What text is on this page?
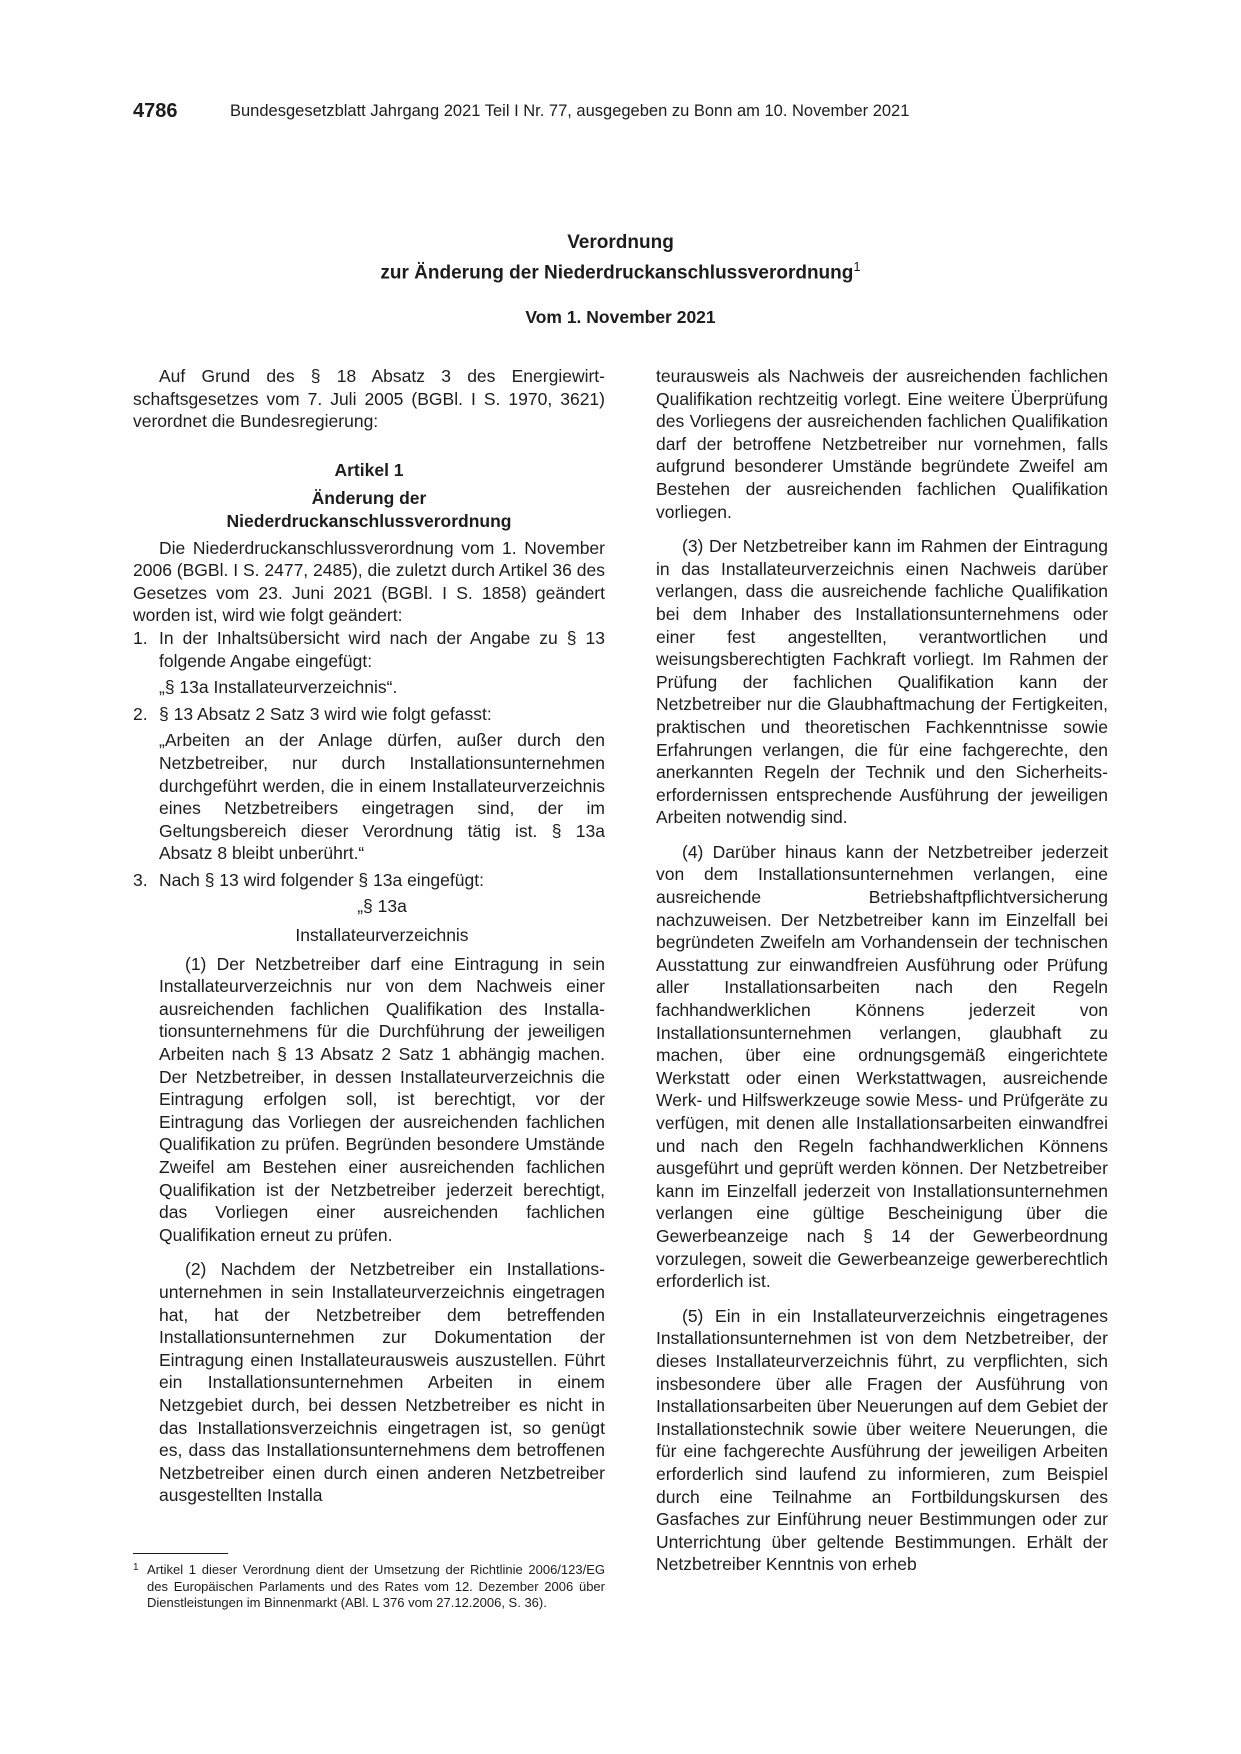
4786	Bundesgesetzblatt Jahrgang 2021 Teil I Nr. 77, ausgegeben zu Bonn am 10. November 2021

Verordnung

zur Änderung der Niederdruckanschlussverordnung$^1$

Vom 1. November 2021

Auf Grund des § 18 Absatz 3 des Energiewirtschaftsgesetzes vom 7. Juli 2005 (BGBl. I S. 1970, 3621) verordnet die Bundesregierung:

Artikel 1

Änderung der

Niederdruckanschlussverordnung

Die Niederdruckanschlussverordnung vom 1. November 2006 (BGBl. I S. 2477, 2485), die zuletzt durch Artikel 36 des Gesetzes vom 23. Juni 2021 (BGBl. I S. 1858) geändert worden ist, wird wie folgt geändert:

1. In der Inhaltsübersicht wird nach der Angabe zu § 13 folgende Angabe eingefügt:

„§ 13a Installateurverzeichnis“.

2. § 13 Absatz 2 Satz 3 wird wie folgt gefasst:

„Arbeiten an der Anlage dürfen, außer durch den Netzbetreiber, nur durch Installationsunternehmen durchgeführt werden, die in einem Installateurverzeichnis eines Netzbetreibers eingetragen sind, der im Geltungsbereich dieser Verordnung tätig ist. § 13a Absatz 8 bleibt unberührt.“

3. Nach § 13 wird folgender § 13a eingefügt:

„§ 13a

Installateurverzeichnis

(1) Der Netzbetreiber darf eine Eintragung in sein Installateurverzeichnis nur von dem Nachweis einer ausreichenden fachlichen Qualifikation des Installationsunternehmens für die Durchführung der jeweiligen Arbeiten nach § 13 Absatz 2 Satz 1 abhängig machen. Der Netzbetreiber, in dessen Installateurverzeichnis die Eintragung erfolgen soll, ist berechtigt, vor der Eintragung das Vorliegen der ausreichenden fachlichen Qualifikation zu prüfen. Begründen besondere Umstände Zweifel am Bestehen einer ausreichenden fachlichen Qualifikation ist der Netzbetreiber jederzeit berechtigt, das Vorliegen einer ausreichenden fachlichen Qualifikation erneut zu prüfen.

(2) Nachdem der Netzbetreiber ein Installationsunternehmen in sein Installateurverzeichnis eingetragen hat, hat der Netzbetreiber dem betreffenden Installationsunternehmen zur Dokumentation der Eintragung einen Installateurausweis auszustellen. Führt ein Installationsunternehmen Arbeiten in einem Netzgebiet durch, bei dessen Netzbetreiber es nicht in das Installationsverzeichnis eingetragen ist, so genügt es, dass das Installationsunternehmens dem betroffenen Netzbetreiber einen durch einen anderen Netzbetreiber ausgestellten Installa

teurausweis als Nachweis der ausreichenden fachlichen Qualifikation rechtzeitig vorlegt. Eine weitere Überprüfung des Vorliegens der ausreichenden fachlichen Qualifikation darf der betroffene Netzbetreiber nur vornehmen, falls aufgrund besonderer Umstände begründete Zweifel am Bestehen der ausreichenden fachlichen Qualifikation vorliegen.

(3) Der Netzbetreiber kann im Rahmen der Eintragung in das Installateurverzeichnis einen Nachweis darüber verlangen, dass die ausreichende fachliche Qualifikation bei dem Inhaber des Installationsunternehmens oder einer fest angestellten, verantwortlichen und weisungsberechtigten Fachkraft vorliegt. Im Rahmen der Prüfung der fachlichen Qualifikation kann der Netzbetreiber nur die Glaubhaftmachung der Fertigkeiten, praktischen und theoretischen Fachkenntnisse sowie Erfahrungen verlangen, die für eine fachgerechte, den anerkannten Regeln der Technik und den Sicherheitserfordernissen entsprechende Ausführung der jeweiligen Arbeiten notwendig sind.

(4) Darüber hinaus kann der Netzbetreiber jederzeit von dem Installationsunternehmen verlangen, eine ausreichende Betriebshaftpflichtversicherung nachzuweisen. Der Netzbetreiber kann im Einzelfall bei begründeten Zweifeln am Vorhandensein der technischen Ausstattung zur einwandfreien Ausführung oder Prüfung aller Installationsarbeiten nach den Regeln fachhandwerklichen Könnens jederzeit von Installationsunternehmen verlangen, glaubhaft zu machen, über eine ordnungsgemäß eingerichtete Werkstatt oder einen Werkstattwagen, ausreichende Werk- und Hilfswerkzeuge sowie Mess- und Prüfgeräte zu verfügen, mit denen alle Installationsarbeiten einwandfrei und nach den Regeln fachhandwerklichen Könnens ausgeführt und geprüft werden können. Der Netzbetreiber kann im Einzelfall jederzeit von Installationsunternehmen verlangen eine gültige Bescheinigung über die Gewerbeanzeige nach § 14 der Gewerbeordnung vorzulegen, soweit die Gewerbeanzeige gewerberechtlich erforderlich ist.

(5) Ein in ein Installateurverzeichnis eingetragenes Installationsunternehmen ist von dem Netzbetreiber, der dieses Installateurverzeichnis führt, zu verpflichten, sich insbesondere über alle Fragen der Ausführung von Installationsarbeiten über Neuerungen auf dem Gebiet der Installationstechnik sowie über weitere Neuerungen, die für eine fachgerechte Ausführung der jeweiligen Arbeiten erforderlich sind laufend zu informieren, zum Beispiel durch eine Teilnahme an Fortbildungskursen des Gasfaches zur Einführung neuer Bestimmungen oder zur Unterrichtung über geltende Bestimmungen. Erhält der Netzbetreiber Kenntnis von erheb

1 Artikel 1 dieser Verordnung dient der Umsetzung der Richtlinie 2006/123/EG des Europäischen Parlaments und des Rates vom 12. Dezember 2006 über Dienstleistungen im Binnenmarkt (ABl. L 376 vom 27.12.2006, S. 36).
